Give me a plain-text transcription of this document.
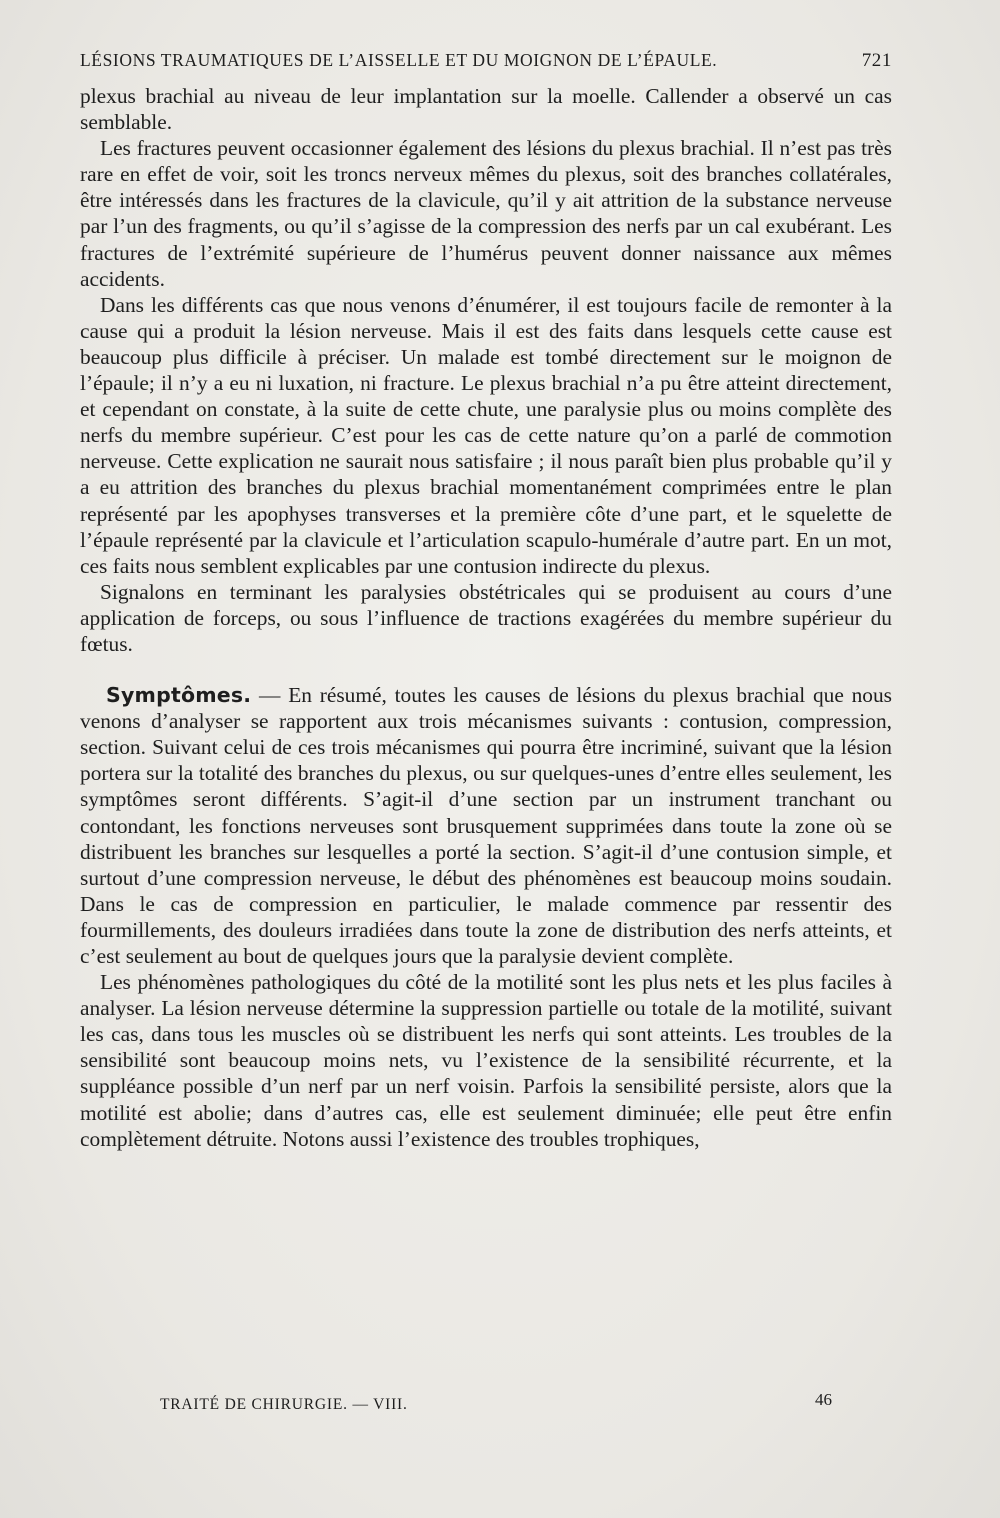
LÉSIONS TRAUMATIQUES DE L’AISSELLE ET DU MOIGNON DE L’ÉPAULE.	721

plexus brachial au niveau de leur implantation sur la moelle. Callender a observé un cas semblable.

Les fractures peuvent occasionner également des lésions du plexus brachial. Il n’est pas très rare en effet de voir, soit les troncs nerveux mêmes du plexus, soit des branches collatérales, être intéressés dans les fractures de la clavicule, qu’il y ait attrition de la substance nerveuse par l’un des fragments, ou qu’il s’agisse de la compression des nerfs par un cal exubérant. Les fractures de l’extrémité supérieure de l’humérus peuvent donner naissance aux mêmes accidents.

Dans les différents cas que nous venons d’énumérer, il est toujours facile de remonter à la cause qui a produit la lésion nerveuse. Mais il est des faits dans lesquels cette cause est beaucoup plus difficile à préciser. Un malade est tombé directement sur le moignon de l’épaule; il n’y a eu ni luxation, ni fracture. Le plexus brachial n’a pu être atteint directement, et cependant on constate, à la suite de cette chute, une paralysie plus ou moins complète des nerfs du membre supérieur. C’est pour les cas de cette nature qu’on a parlé de commotion nerveuse. Cette explication ne saurait nous satisfaire ; il nous paraît bien plus probable qu’il y a eu attrition des branches du plexus brachial momentanément comprimées entre le plan représenté par les apophyses transverses et la première côte d’une part, et le squelette de l’épaule représenté par la clavicule et l’articulation scapulo-humérale d’autre part. En un mot, ces faits nous semblent explicables par une contusion indirecte du plexus.

Signalons en terminant les paralysies obstétricales qui se produisent au cours d’une application de forceps, ou sous l’influence de tractions exagérées du membre supérieur du fœtus.

Symptômes. — En résumé, toutes les causes de lésions du plexus brachial que nous venons d’analyser se rapportent aux trois mécanismes suivants : contusion, compression, section. Suivant celui de ces trois mécanismes qui pourra être incriminé, suivant que la lésion portera sur la totalité des branches du plexus, ou sur quelques-unes d’entre elles seulement, les symptômes seront différents. S’agit-il d’une section par un instrument tranchant ou contondant, les fonctions nerveuses sont brusquement supprimées dans toute la zone où se distribuent les branches sur lesquelles a porté la section. S’agit-il d’une contusion simple, et surtout d’une compression nerveuse, le début des phénomènes est beaucoup moins soudain. Dans le cas de compression en particulier, le malade commence par ressentir des fourmillements, des douleurs irradiées dans toute la zone de distribution des nerfs atteints, et c’est seulement au bout de quelques jours que la paralysie devient complète.

Les phénomènes pathologiques du côté de la motilité sont les plus nets et les plus faciles à analyser. La lésion nerveuse détermine la suppression partielle ou totale de la motilité, suivant les cas, dans tous les muscles où se distribuent les nerfs qui sont atteints. Les troubles de la sensibilité sont beaucoup moins nets, vu l’existence de la sensibilité récurrente, et la suppléance possible d’un nerf par un nerf voisin. Parfois la sensibilité persiste, alors que la motilité est abolie; dans d’autres cas, elle est seulement diminuée; elle peut être enfin complètement détruite. Notons aussi l’existence des troubles trophiques,

TRAITÉ DE CHIRURGIE. — VIII.	46
